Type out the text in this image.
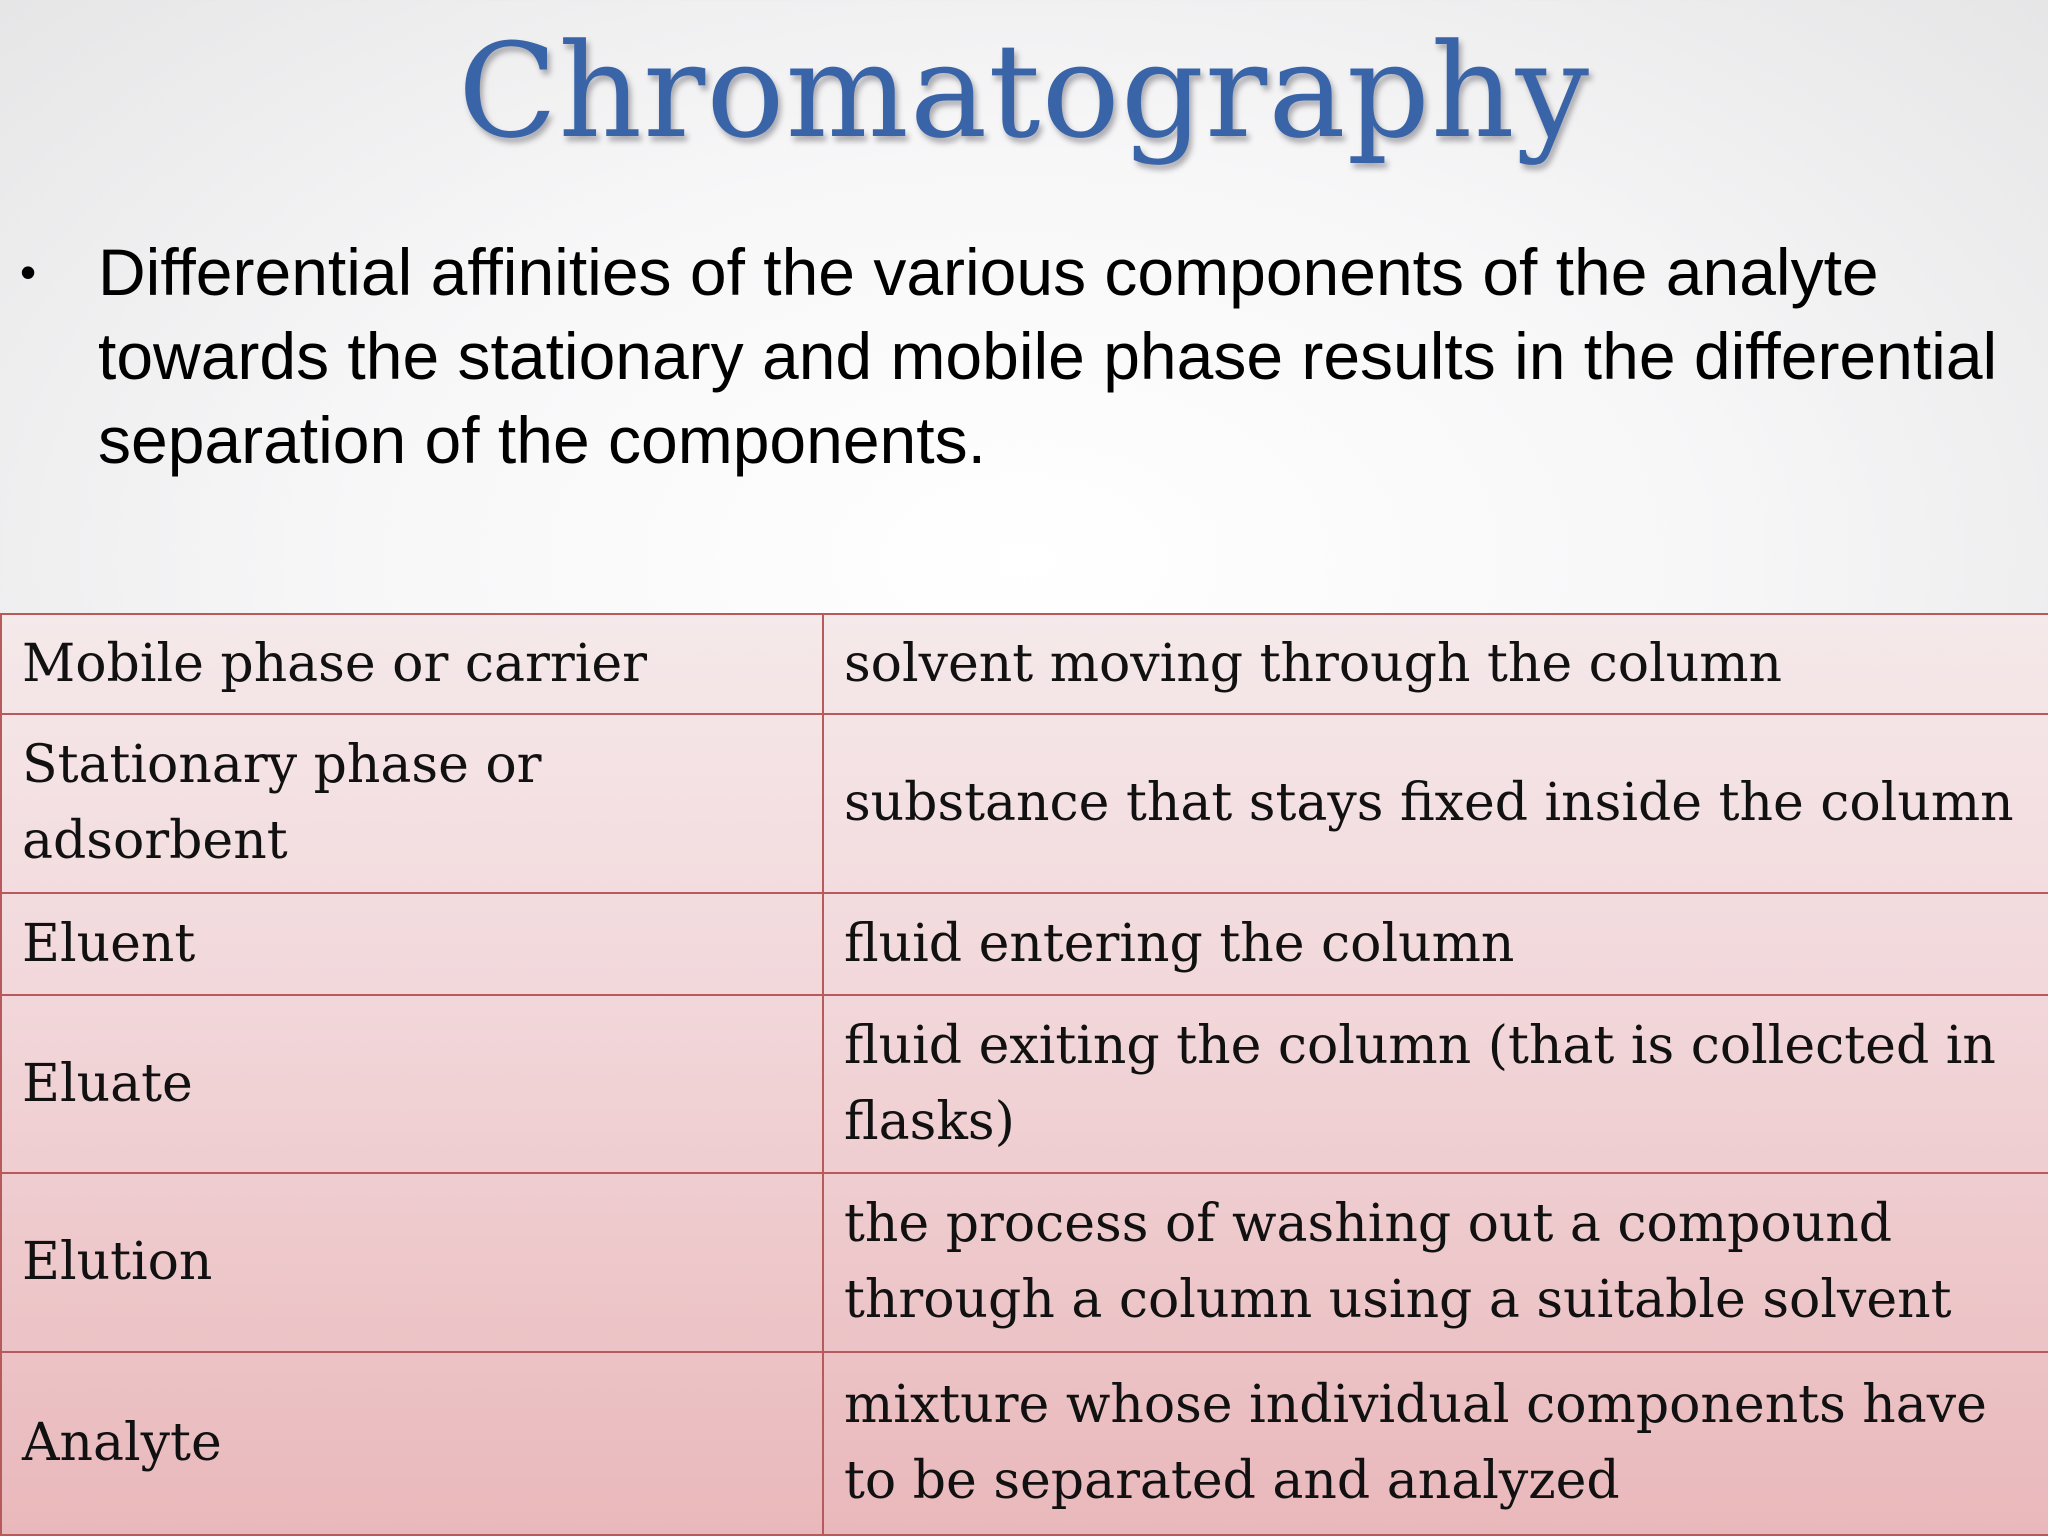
Chromatography
• Differential affinities of the various components of the analyte towards the stationary and mobile phase results in the differential separation of the components.

Mobile phase or carrier	solvent moving through the column
Stationary phase or adsorbent	substance that stays fixed inside the column
Eluent	fluid entering the column
Eluate	fluid exiting the column (that is collected in flasks)
Elution	the process of washing out a compound through a column using a suitable solvent
Analyte	mixture whose individual components have to be separated and analyzed
